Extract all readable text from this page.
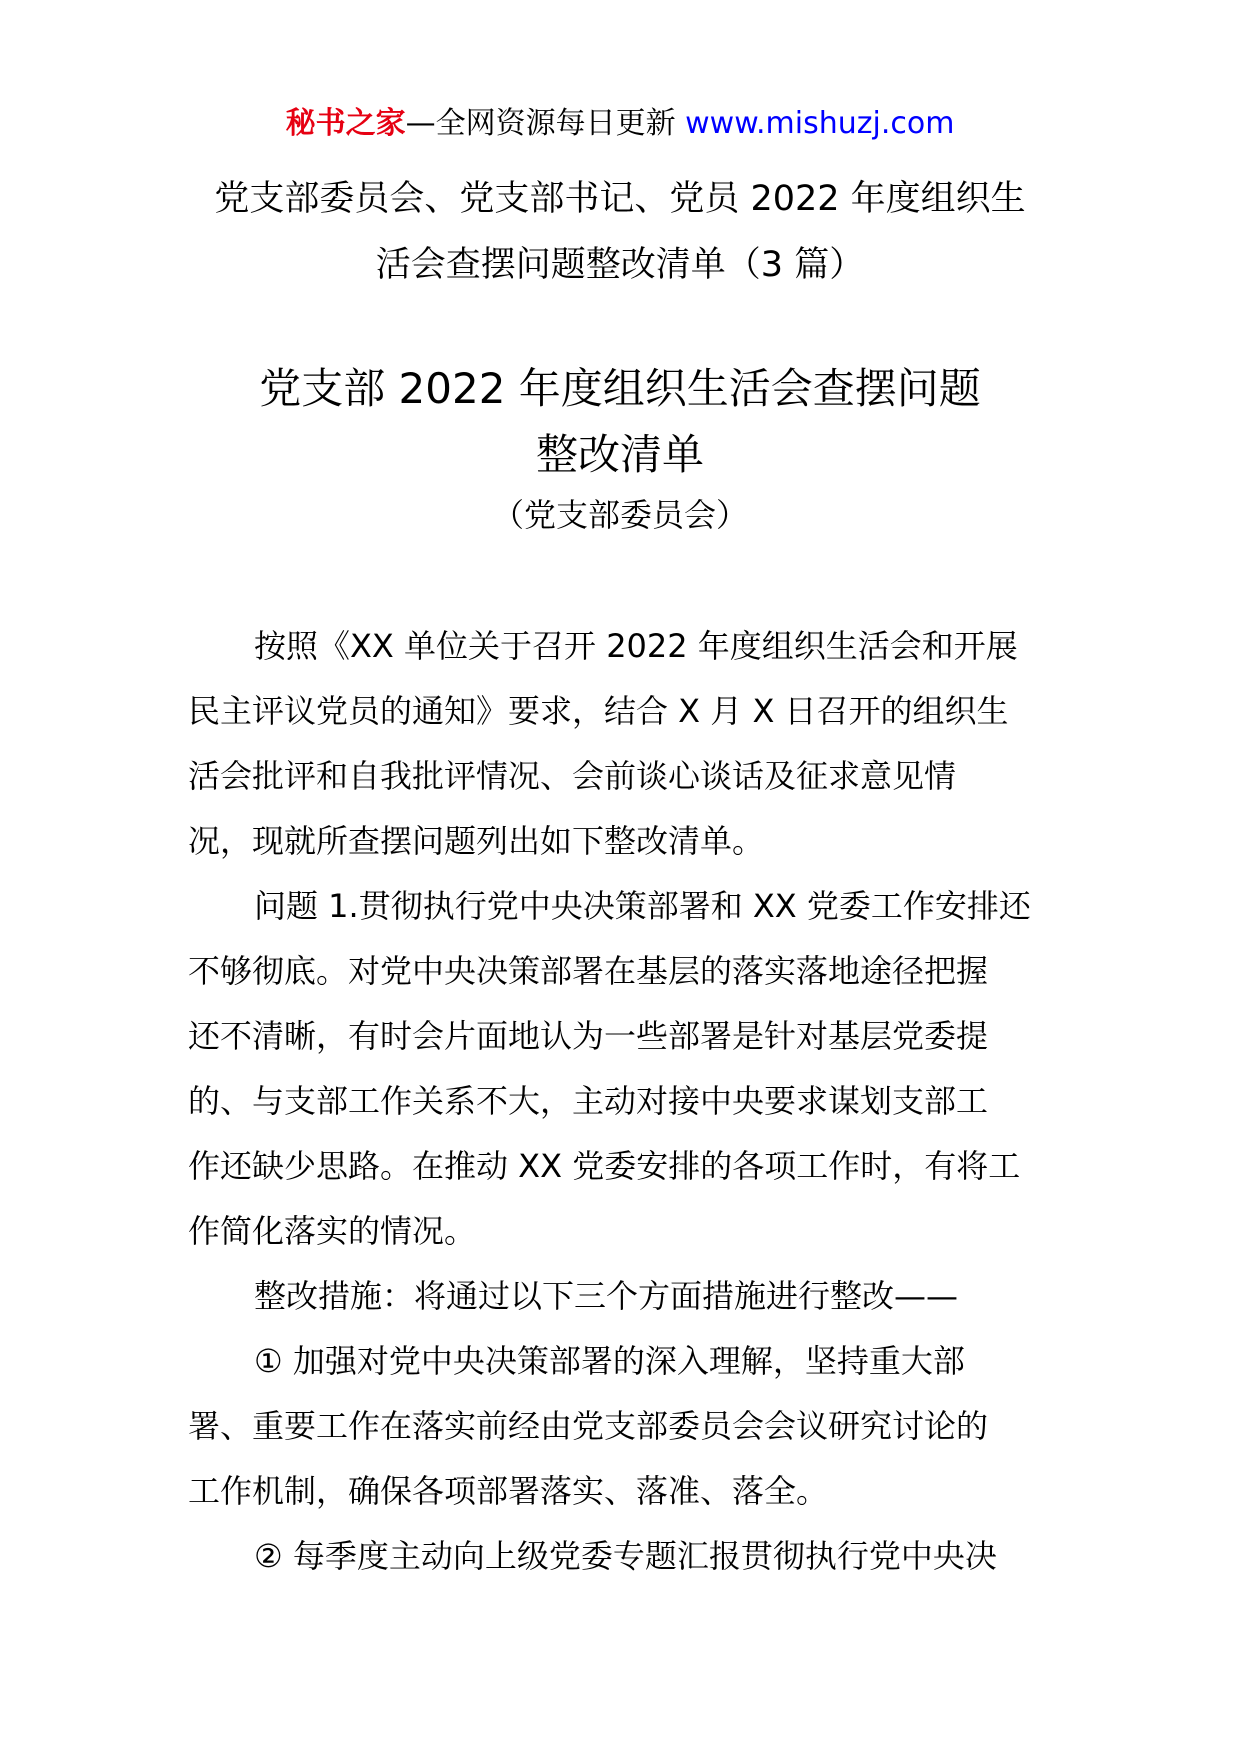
秘书之家—全网资源每日更新 www.mishuzj.com
党支部委员会、党支部书记、党员 2022 年度组织生
活会查摆问题整改清单（3 篇）
党支部 2022 年度组织生活会查摆问题
整改清单
（党支部委员会）
按照《XX 单位关于召开 2022 年度组织生活会和开展
民主评议党员的通知》要求，结合 X 月 X 日召开的组织生
活会批评和自我批评情况、会前谈心谈话及征求意见情
况，现就所查摆问题列出如下整改清单。
问题 1.贯彻执行党中央决策部署和 XX 党委工作安排还
不够彻底。对党中央决策部署在基层的落实落地途径把握
还不清晰，有时会片面地认为一些部署是针对基层党委提
的、与支部工作关系不大，主动对接中央要求谋划支部工
作还缺少思路。在推动 XX 党委安排的各项工作时，有将工
作简化落实的情况。
整改措施：将通过以下三个方面措施进行整改——
① 加强对党中央决策部署的深入理解，坚持重大部
署、重要工作在落实前经由党支部委员会会议研究讨论的
工作机制，确保各项部署落实、落准、落全。
② 每季度主动向上级党委专题汇报贯彻执行党中央决
